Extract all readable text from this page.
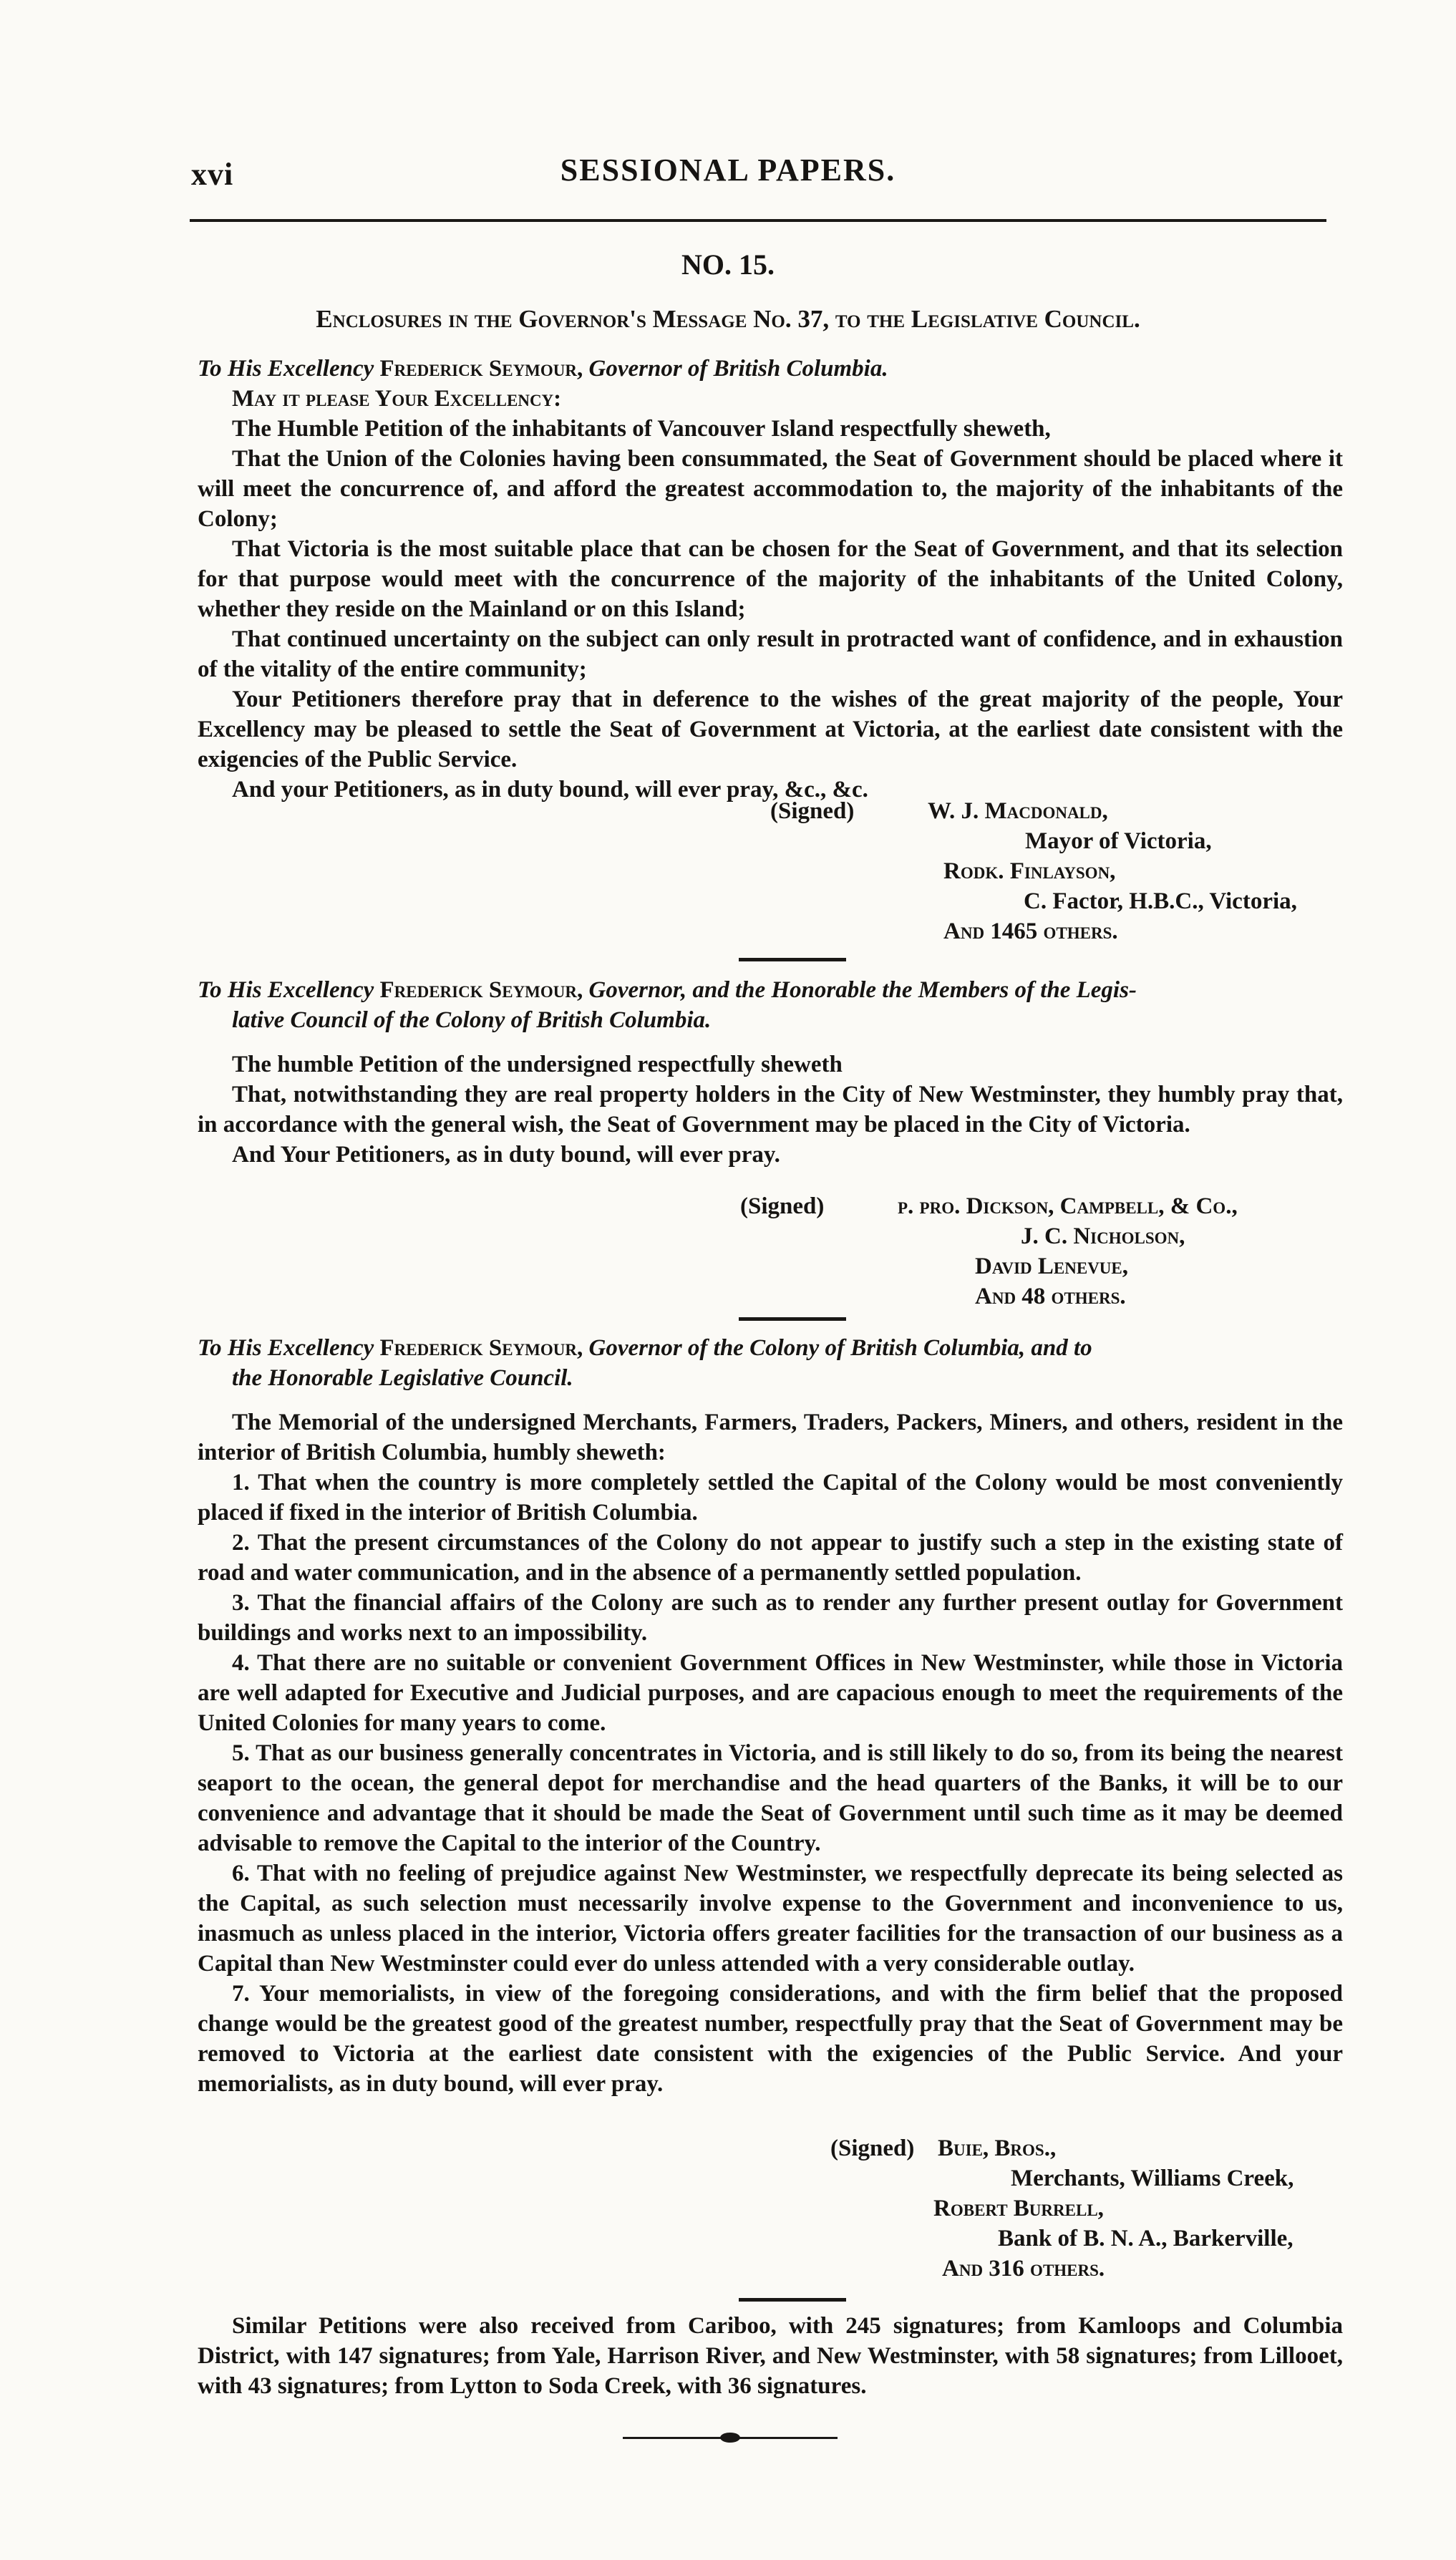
xvi	SESSIONAL PAPERS.
NO. 15.
Enclosures in the Governor's Message No. 37, to the Legislative Council.

To His Excellency Frederick Seymour, Governor of British Columbia.

May it please Your Excellency:

The Humble Petition of the inhabitants of Vancouver Island respectfully sheweth,

That the Union of the Colonies having been consummated, the Seat of Government should be placed where it will meet the concurrence of, and afford the greatest accommodation to, the majority of the inhabitants of the Colony;

That Victoria is the most suitable place that can be chosen for the Seat of Government, and that its selection for that purpose would meet with the concurrence of the majority of the inhabitants of the United Colony, whether they reside on the Mainland or on this Island;

That continued uncertainty on the subject can only result in protracted want of confidence, and in exhaustion of the vitality of the entire community;

Your Petitioners therefore pray that in deference to the wishes of the great majority of the people, Your Excellency may be pleased to settle the Seat of Government at Victoria, at the earliest date consistent with the exigencies of the Public Service.

And your Petitioners, as in duty bound, will ever pray, &c., &c.

(Signed)	W. J. Macdonald,
Mayor of Victoria,
Rodk. Finlayson,
C. Factor, H.B.C., Victoria,
And 1465 others.

To His Excellency Frederick Seymour, Governor, and the Honorable the Members of the Legis-

lative Council of the Colony of British Columbia.

The humble Petition of the undersigned respectfully sheweth

That, notwithstanding they are real property holders in the City of New Westminster, they humbly pray that, in accordance with the general wish, the Seat of Government may be placed in the City of Victoria.

And Your Petitioners, as in duty bound, will ever pray.

(Signed)	p. pro. Dickson, Campbell, & Co.,
J. C. Nicholson,
David Lenevue,
And 48 others.

To His Excellency Frederick Seymour, Governor of the Colony of British Columbia, and to

the Honorable Legislative Council.

The Memorial of the undersigned Merchants, Farmers, Traders, Packers, Miners, and others, resident in the interior of British Columbia, humbly sheweth:

1. That when the country is more completely settled the Capital of the Colony would be most conveniently placed if fixed in the interior of British Columbia.

2. That the present circumstances of the Colony do not appear to justify such a step in the existing state of road and water communication, and in the absence of a permanently settled population.

3. That the financial affairs of the Colony are such as to render any further present outlay for Government buildings and works next to an impossibility.

4. That there are no suitable or convenient Government Offices in New Westminster, while those in Victoria are well adapted for Executive and Judicial purposes, and are capacious enough to meet the requirements of the United Colonies for many years to come.

5. That as our business generally concentrates in Victoria, and is still likely to do so, from its being the nearest seaport to the ocean, the general depot for merchandise and the head quarters of the Banks, it will be to our convenience and advantage that it should be made the Seat of Government until such time as it may be deemed advisable to remove the Capital to the interior of the Country.

6. That with no feeling of prejudice against New Westminster, we respectfully deprecate its being selected as the Capital, as such selection must necessarily involve expense to the Government and inconvenience to us, inasmuch as unless placed in the interior, Victoria offers greater facilities for the transaction of our business as a Capital than New Westminster could ever do unless attended with a very considerable outlay.

7. Your memorialists, in view of the foregoing considerations, and with the firm belief that the proposed change would be the greatest good of the greatest number, respectfully pray that the Seat of Government may be removed to Victoria at the earliest date consistent with the exigencies of the Public Service. And your memorialists, as in duty bound, will ever pray.

(Signed) Buie, Bros.,
Merchants, Williams Creek,
Robert Burrell,
Bank of B. N. A., Barkerville,
And 316 others.

Similar Petitions were also received from Cariboo, with 245 signatures; from Kamloops and Columbia District, with 147 signatures; from Yale, Harrison River, and New Westminster, with 58 signatures; from Lillooet, with 43 signatures; from Lytton to Soda Creek, with 36 signatures.
